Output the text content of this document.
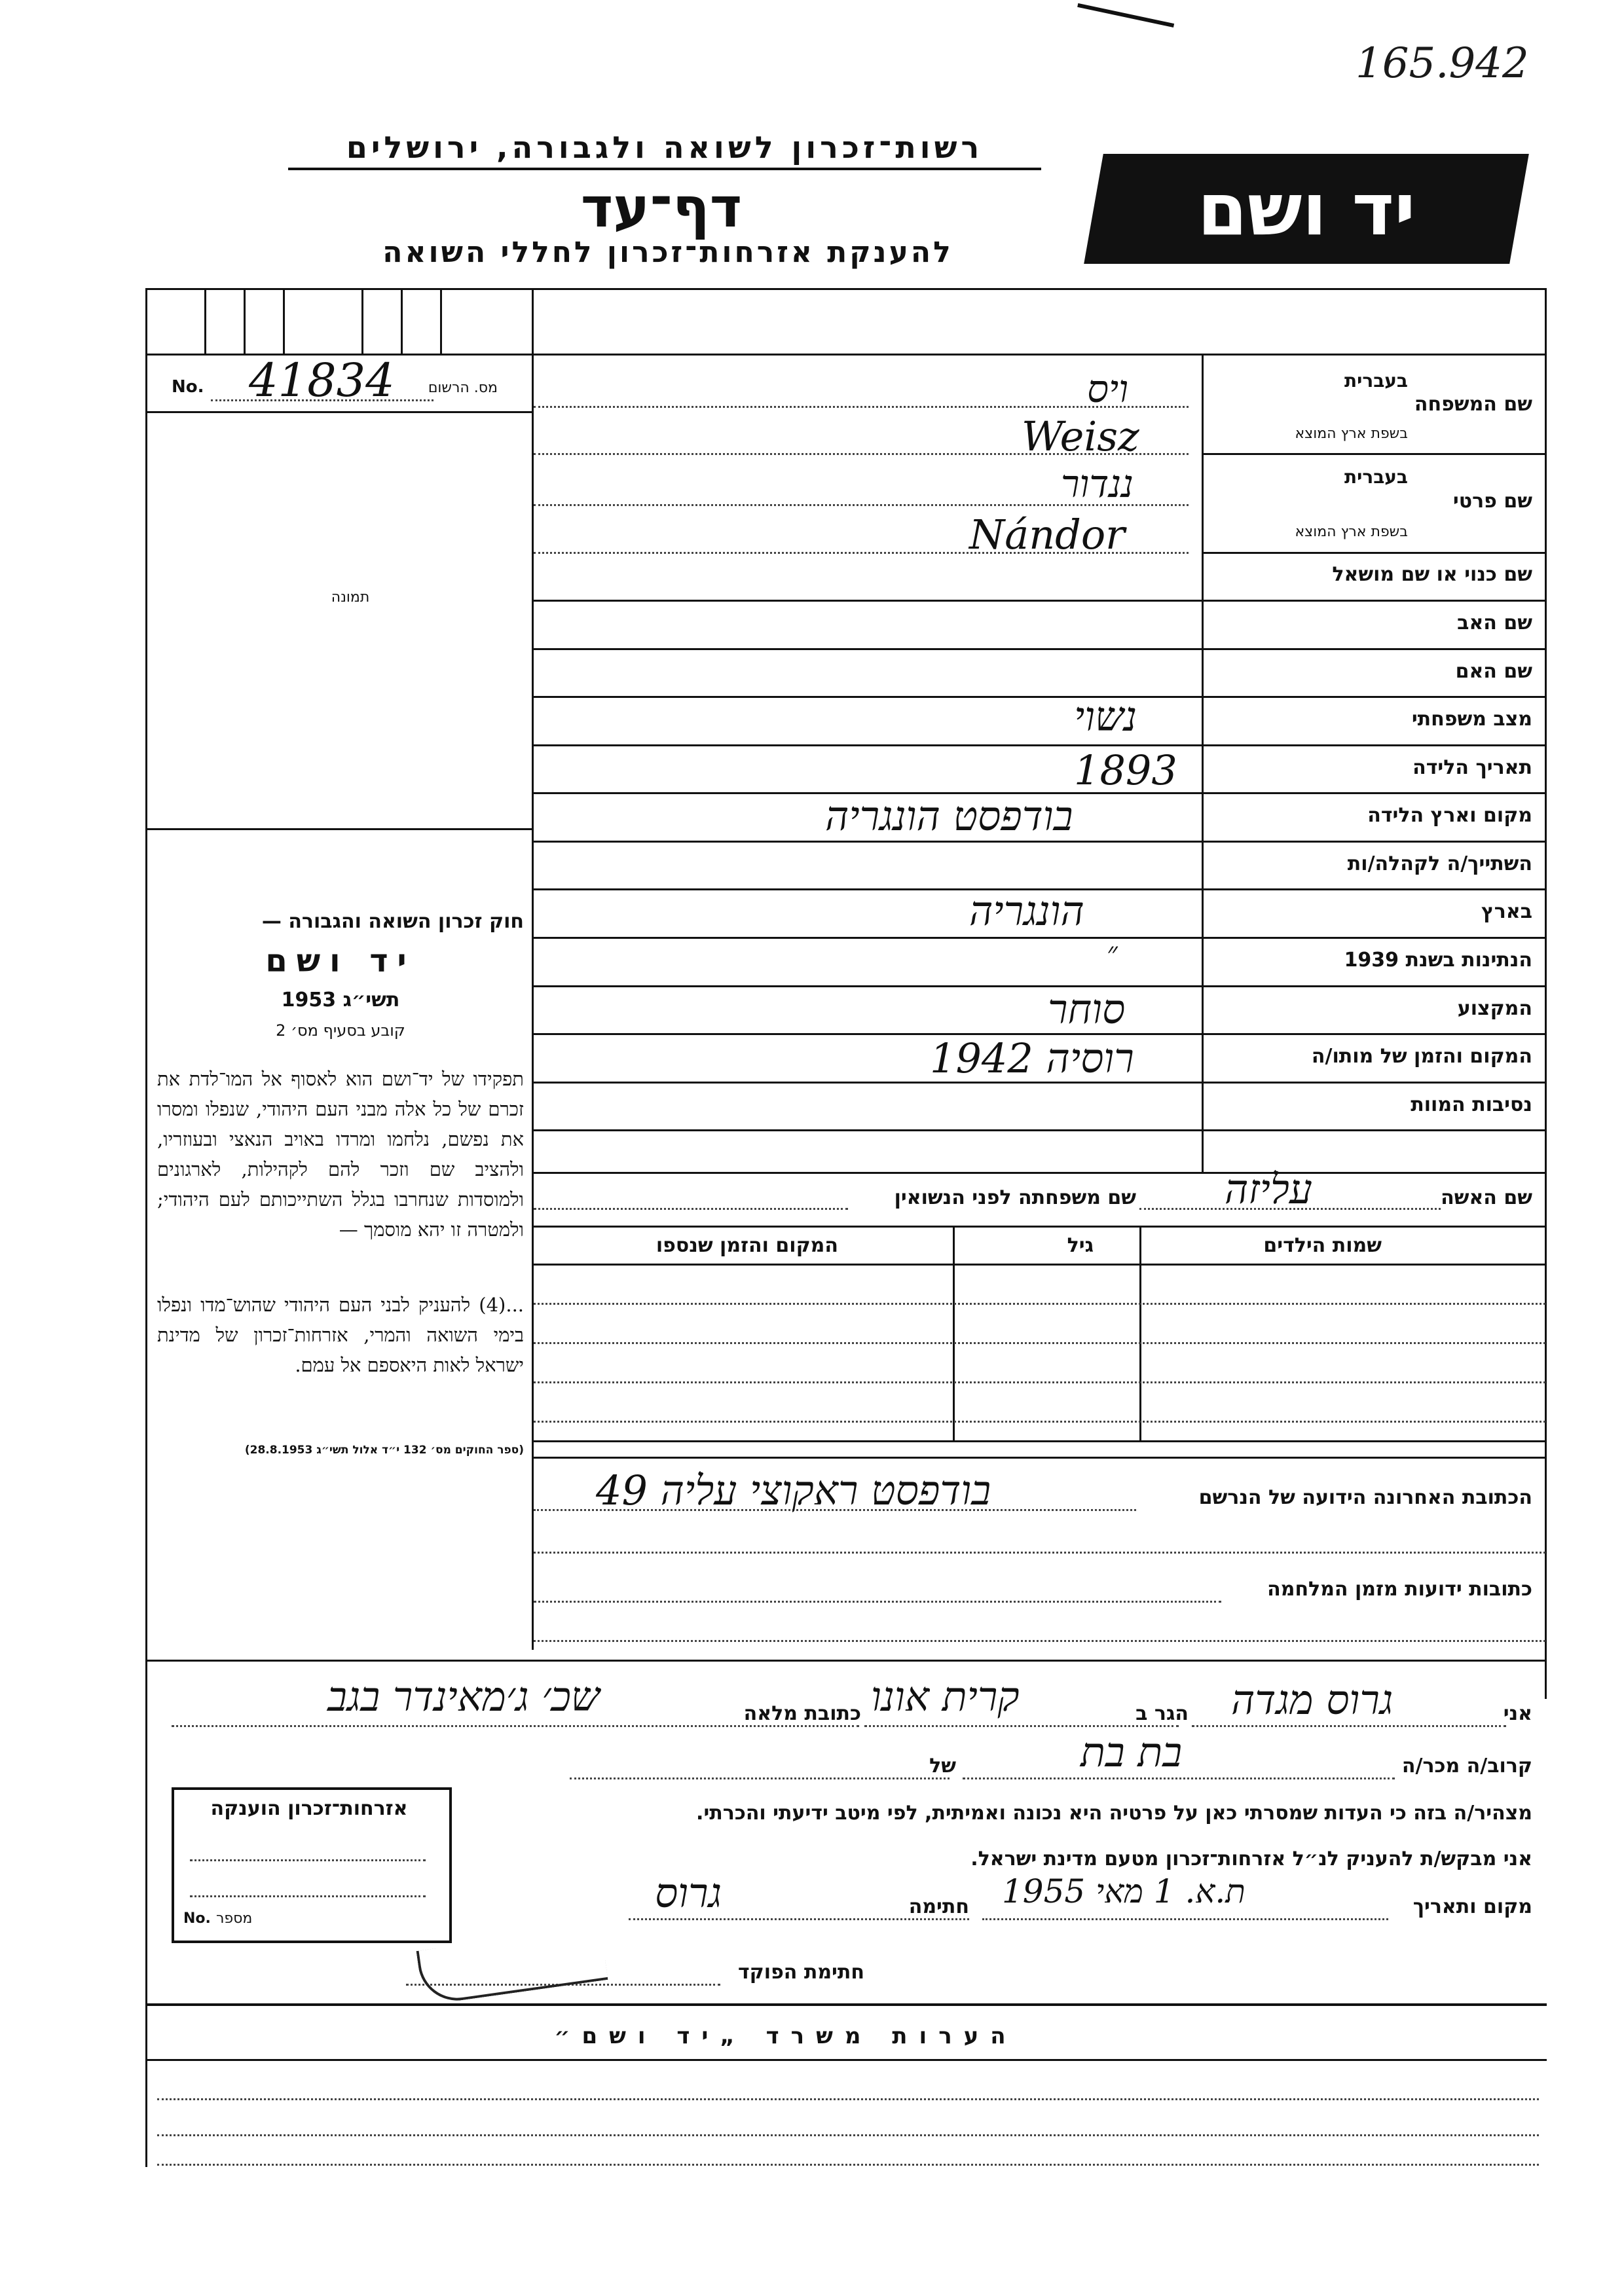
165.942
רשות־זכרון לשואה ולגבורה, ירושלים
דף־עד
להענקת אזרחות־זכרון לחללי השואה
יד ושם
מס. הרשום
No. 41834
תמונה
שם המשפחה
בעברית
בשפת ארץ המוצא
ויס
Weisz
שם פרטי
בעברית
בשפת ארץ המוצא
ננדור
Nándor
שם כנוי או שם מושאל
שם האב
שם האם
מצב משפחתי
תאריך הלידה
מקום וארץ הלידה
השתייך/ה לקהלה/ות
בארץ
הנתינות בשנת 1939
המקצוע
המקום והזמן של מותו/ה
נסיבות המוות
נשוי
1893
בודפסט הונגריה
הונגריה
״
סוחר
רוסיה 1942
שם האשה
עליזה
שם משפחתה לפני הנשואין
שמות הילדים
גיל
המקום והזמן שנספו
חוק זכרון השואה והגבורה —
יד ושם
תשי״ג 1953
קובע בסעיף מס׳ 2
תפקידו של יד־ושם הוא לאסוף אל המו־לדת את זכרם של כל אלה מבני העם היהודי, שנפלו ומסרו את נפשם, נלחמו ומרדו באויב הנאצי ובעוזריו, ולהציב שם וזכר להם לקהילות, לארגונים ולמוסדות שנחרבו בגלל השתייכותם לעם היהודי; ולמטרה זו יהא מוסמך —
...(4) להעניק לבני העם היהודי שהוש־מדו ונפלו בימי השואה והמרי, אזרחות־זכרון של מדינת ישראל לאות היאספם אל עמם.
(ספר החוקים מס׳ 132 י״ד אלול תשי״ג 28.8.1953)
הכתובת האחרונה הידועה של הנרשם
בודפסט ראקוצי עליה 49
כתובות ידועות מזמן המלחמה
אני
גרוס מגדה
הגר ב
קרית אונו
כתובת מלאה
שכ׳ ג׳מאינדר בגב
קרוב/ה מכר/ה
בת בת
של
מצהיר/ה בזה כי העדות שמסרתי כאן על פרטיה היא נכונה ואמיתית, לפי מיטב ידיעתי והכרתי.
אני מבקש/ת להעניק לנ״ל אזרחות־זכרון מטעם מדינת ישראל.
מקום ותאריך
ת.א. 1 מאי 1955
חתימה
גרוס
חתימת הפוקד
אזרחות־זכרון הוענקה
No. מספר
הערות משרד „יד ושם״
